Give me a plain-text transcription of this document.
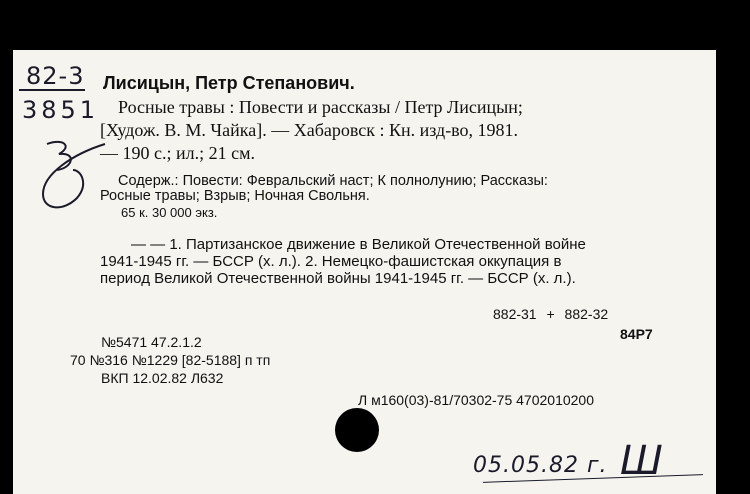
82-3
3851
Лисицын, Петр Степанович.
Росные травы : Повести и рассказы / Петр Лисицын;
[Худож. В. М. Чайка]. — Хабаровск : Кн. изд-во, 1981.
— 190 с.; ил.; 21 см.
Содерж.: Повести: Февральский наст; К полнолунию; Рассказы:
Росные травы; Взрыв; Ночная Свольня.
65 к. 30 000 экз.
— — 1. Партизанское движение в Великой Отечественной войне
1941-1945 гг. — БССР (х. л.). 2. Немецко-фашистская оккупация в
период Великой Отечественной войны 1941-1945 гг. — БССР (х. л.).
882-31 + 882-32
84Р7
№5471 47.2.1.2
70 №316 №1229 [82-5188] п тп
ВКП 12.02.82 Л632
Л м160(03)-81/70302-75 4702010200
05.05.82 г. Ш
